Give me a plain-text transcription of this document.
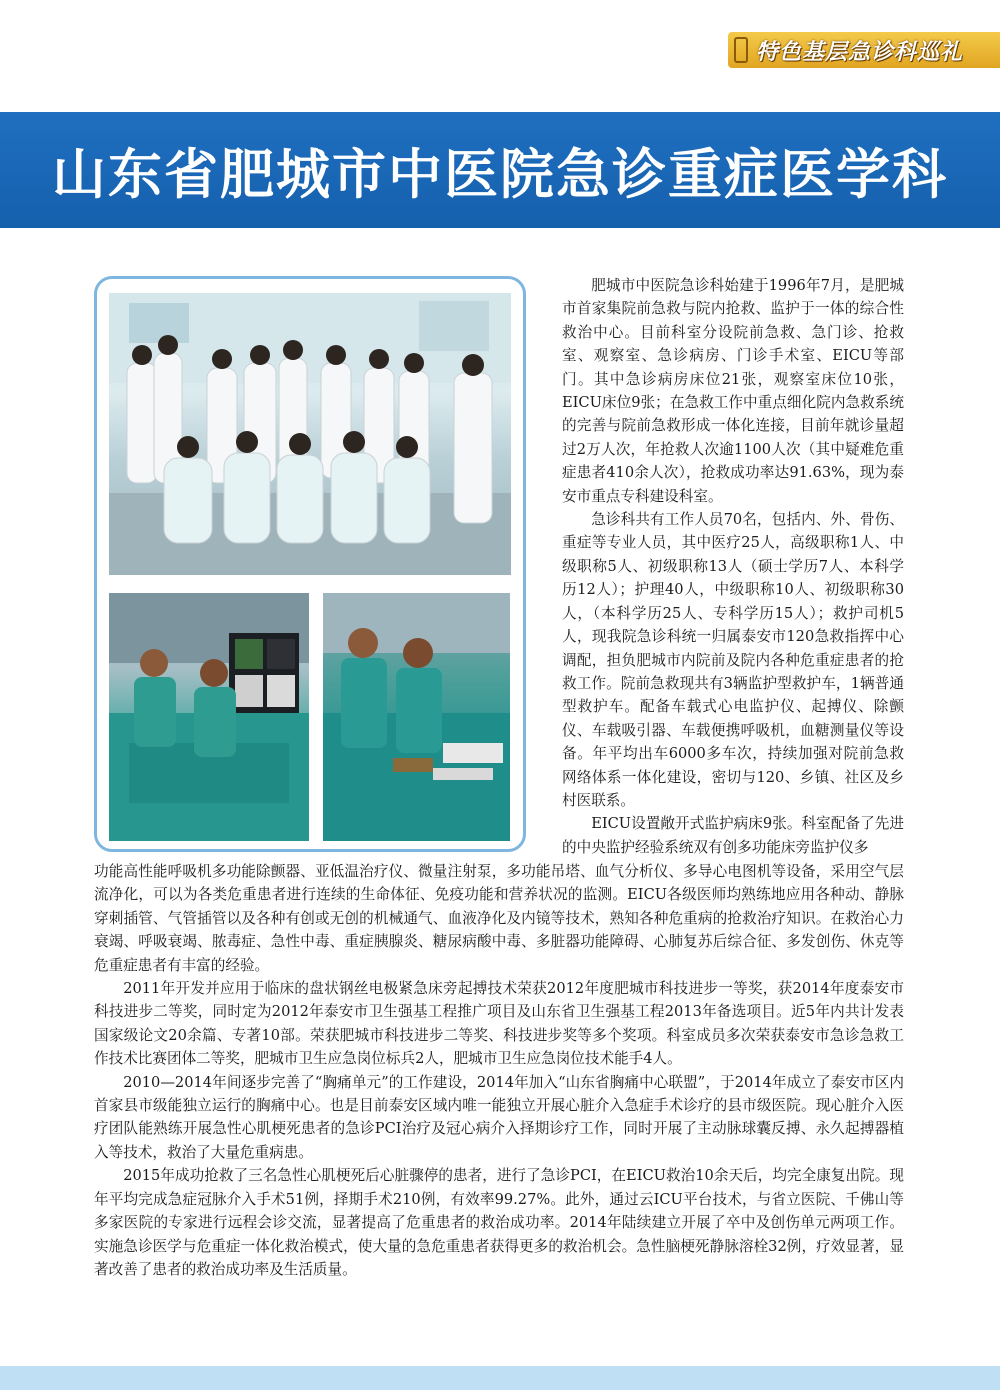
特色基层急诊科巡礼
山东省肥城市中医院急诊重症医学科

肥城市中医院急诊科始建于1996年7月，是肥城市首家集院前急救与院内抢救、监护于一体的综合性救治中心。目前科室分设院前急救、急门诊、抢救室、观察室、急诊病房、门诊手术室、EICU等部门。其中急诊病房床位21张，观察室床位10张，EICU床位9张；在急救工作中重点细化院内急救系统的完善与院前急救形成一体化连接，目前年就诊量超过2万人次，年抢救人次逾1100人次（其中疑难危重症患者410余人次），抢救成功率达91.63%，现为泰安市重点专科建设科室。

急诊科共有工作人员70名，包括内、外、骨伤、重症等专业人员，其中医疗25人，高级职称1人、中级职称5人、初级职称13人（硕士学历7人、本科学历12人）；护理40人，中级职称10人、初级职称30人，（本科学历25人、专科学历15人）；救护司机5人，现我院急诊科统一归属泰安市120急救指挥中心调配，担负肥城市内院前及院内各种危重症患者的抢救工作。院前急救现共有3辆监护型救护车，1辆普通型救护车。配备车载式心电监护仪、起搏仪、除颤仪、车载吸引器、车载便携呼吸机，血糖测量仪等设备。年平均出车6000多车次，持续加强对院前急救网络体系一体化建设，密切与120、乡镇、社区及乡村医联系。

EICU设置敞开式监护病床9张。科室配备了先进的中央监护经验系统双有创多功能床旁监护仪多

功能高性能呼吸机多功能除颤器、亚低温治疗仪、微量注射泵，多功能吊塔、血气分析仪、多导心电图机等设备，采用空气层流净化，可以为各类危重患者进行连续的生命体征、免疫功能和营养状况的监测。EICU各级医师均熟练地应用各种动、静脉穿刺插管、气管插管以及各种有创或无创的机械通气、血液净化及内镜等技术，熟知各种危重病的抢救治疗知识。在救治心力衰竭、呼吸衰竭、脓毒症、急性中毒、重症胰腺炎、糖尿病酸中毒、多脏器功能障碍、心肺复苏后综合征、多发创伤、休克等危重症患者有丰富的经验。

2011年开发并应用于临床的盘状钢丝电极紧急床旁起搏技术荣获2012年度肥城市科技进步一等奖，获2014年度泰安市科技进步二等奖，同时定为2012年泰安市卫生强基工程推广项目及山东省卫生强基工程2013年备选项目。近5年内共计发表国家级论文20余篇、专著10部。荣获肥城市科技进步二等奖、科技进步奖等多个奖项。科室成员多次荣获泰安市急诊急救工作技术比赛团体二等奖，肥城市卫生应急岗位标兵2人，肥城市卫生应急岗位技术能手4人。

2010—2014年间逐步完善了“胸痛单元”的工作建设，2014年加入“山东省胸痛中心联盟”，于2014年成立了泰安市区内首家县市级能独立运行的胸痛中心。也是目前泰安区域内唯一能独立开展心脏介入急症手术诊疗的县市级医院。现心脏介入医疗团队能熟练开展急性心肌梗死患者的急诊PCI治疗及冠心病介入择期诊疗工作，同时开展了主动脉球囊反搏、永久起搏器植入等技术，救治了大量危重病患。

2015年成功抢救了三名急性心肌梗死后心脏骤停的患者，进行了急诊PCI，在EICU救治10余天后，均完全康复出院。现年平均完成急症冠脉介入手术51例，择期手术210例，有效率99.27%。此外，通过云ICU平台技术，与省立医院、千佛山等多家医院的专家进行远程会诊交流，显著提高了危重患者的救治成功率。2014年陆续建立开展了卒中及创伤单元两项工作。实施急诊医学与危重症一体化救治模式，使大量的急危重患者获得更多的救治机会。急性脑梗死静脉溶栓32例，疗效显著，显著改善了患者的救治成功率及生活质量。
